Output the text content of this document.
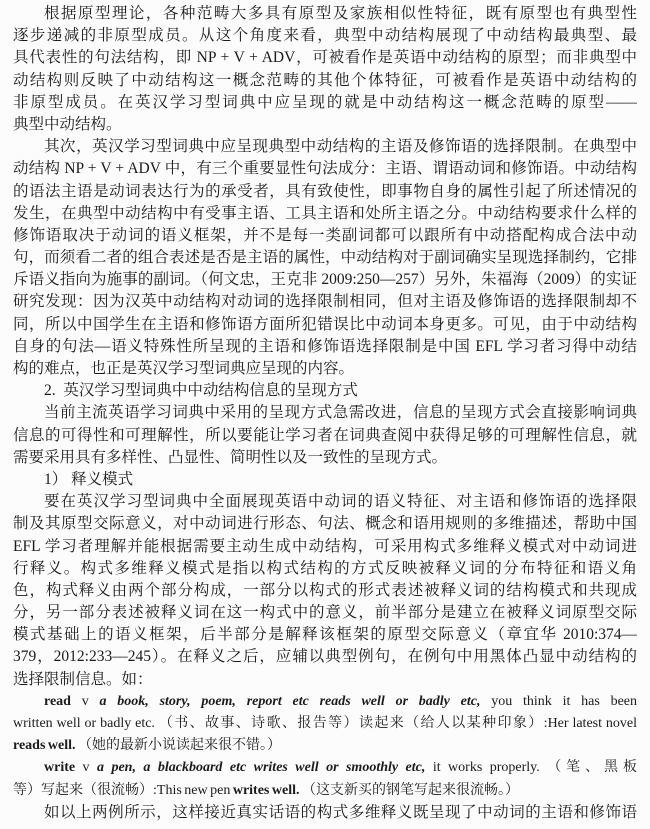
根据原型理论，各种范畴大多具有原型及家族相似性特征，既有原型也有典型性
逐步递减的非原型成员。从这个角度来看，典型中动结构展现了中动结构最典型、最
具代表性的句法结构，即 NP + V + ADV，可被看作是英语中动结构的原型；而非典型中
动结构则反映了中动结构这一概念范畴的其他个体特征，可被看作是英语中动结构的
非原型成员。在英汉学习型词典中应呈现的就是中动结构这一概念范畴的原型——
典型中动结构。
其次，英汉学习型词典中应呈现典型中动结构的主语及修饰语的选择限制。在典型中
动结构 NP + V + ADV 中，有三个重要显性句法成分：主语、谓语动词和修饰语。中动结构
的语法主语是动词表达行为的承受者，具有致使性，即事物自身的属性引起了所述情况的
发生，在典型中动结构中有受事主语、工具主语和处所主语之分。中动结构要求什么样的
修饰语取决于动词的语义框架，并不是每一类副词都可以跟所有中动搭配构成合法中动
句，而须看二者的组合表述是否是主语的属性，中动结构对于副词确实呈现选择制约，它排
斥语义指向为施事的副词。（何文忠，王克非 2009:250—257）另外，朱福海（2009）的实证
研究发现：因为汉英中动结构对动词的选择限制相同，但对主语及修饰语的选择限制却不
同，所以中国学生在主语和修饰语方面所犯错误比中动词本身更多。可见，由于中动结构
自身的句法—语义特殊性所呈现的主语和修饰语选择限制是中国 EFL 学习者习得中动结
构的难点，也正是英汉学习型词典应呈现的内容。
2.  英汉学习型词典中中动结构信息的呈现方式
当前主流英语学习词典中采用的呈现方式急需改进，信息的呈现方式会直接影响词典
信息的可得性和可理解性，所以要能让学习者在词典查阅中获得足够的可理解性信息，就
需要采用具有多样性、凸显性、简明性以及一致性的呈现方式。
1） 释义模式
要在英汉学习型词典中全面展现英语中动词的语义特征、对主语和修饰语的选择限
制及其原型交际意义，对中动词进行形态、句法、概念和语用规则的多维描述，帮助中国
EFL 学习者理解并能根据需要主动生成中动结构，可采用构式多维释义模式对中动词进
行释义。构式多维释义模式是指以构式结构的方式反映被释义词的分布特征和语义角
色，构式释义由两个部分构成，一部分以构式的形式表述被释义词的结构模式和共现成
分，另一部分表述被释义词在这一构式中的意义，前半部分是建立在被释义词原型交际
模式基础上的语义框架，后半部分是解释该框架的原型交际意义（章宜华 2010:374—
379，2012:233—245）。在释义之后，应辅以典型例句，在例句中用黑体凸显中动结构的
选择限制信息。如：
read v a book, story, poem, report etc reads well or badly etc, you think it has been
written well or badly etc. （书、故事、诗歌、报告等）读起来（给人以某种印象）:Her latest novel
reads well. （她的最新小说读起来很不错。）
write v a pen, a blackboard etc writes well or smoothly etc, it works properly. （笔、黑板
等）写起来（很流畅）:This new pen writes well. （这支新买的钢笔写起来很流畅。）
如以上两例所示，这样接近真实话语的构式多维释义既呈现了中动词的主语和修饰语
